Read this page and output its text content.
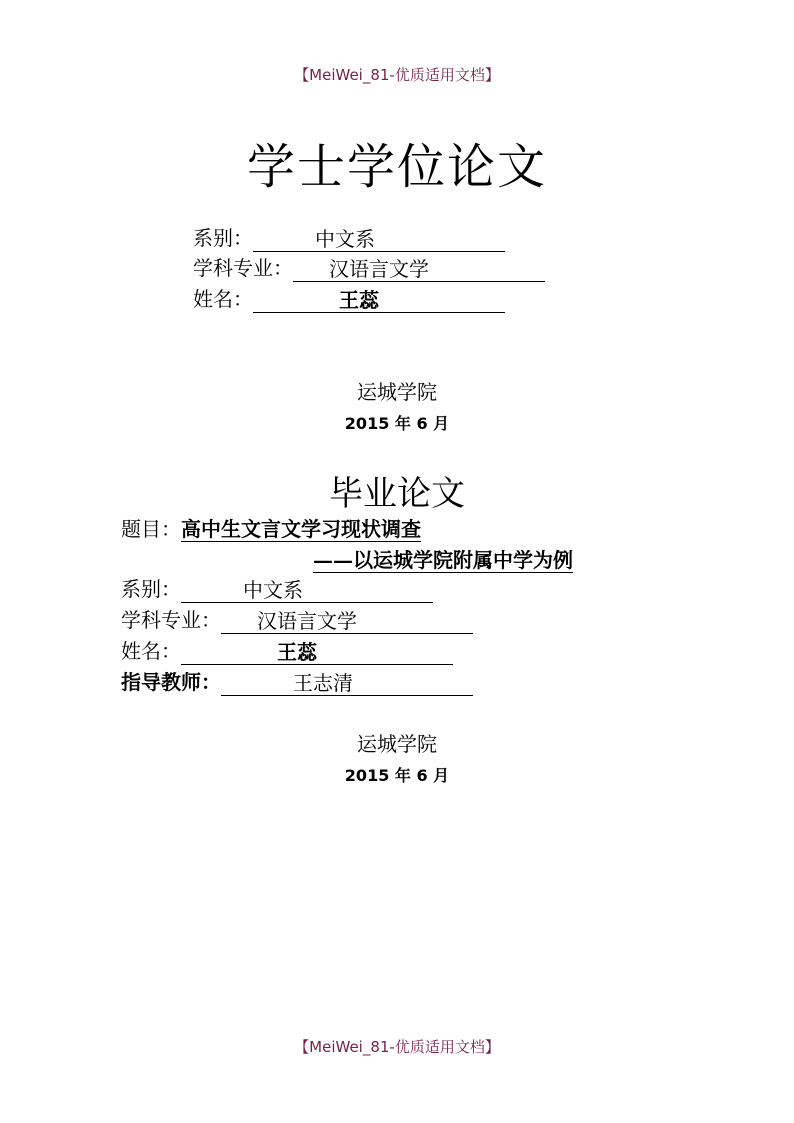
【MeiWei_81-优质适用文档】
学士学位论文
系别：	中文系
学科专业： 汉语言文学
姓名：	王蕊
运城学院
2015 年 6 月
毕业论文
题目：高中生文言文学习现状调查
——以运城学院附属中学为例
系别：	中文系
学科专业： 汉语言文学
姓名：	王蕊
指导教师：	王志清
运城学院
2015 年 6 月
【MeiWei_81-优质适用文档】
